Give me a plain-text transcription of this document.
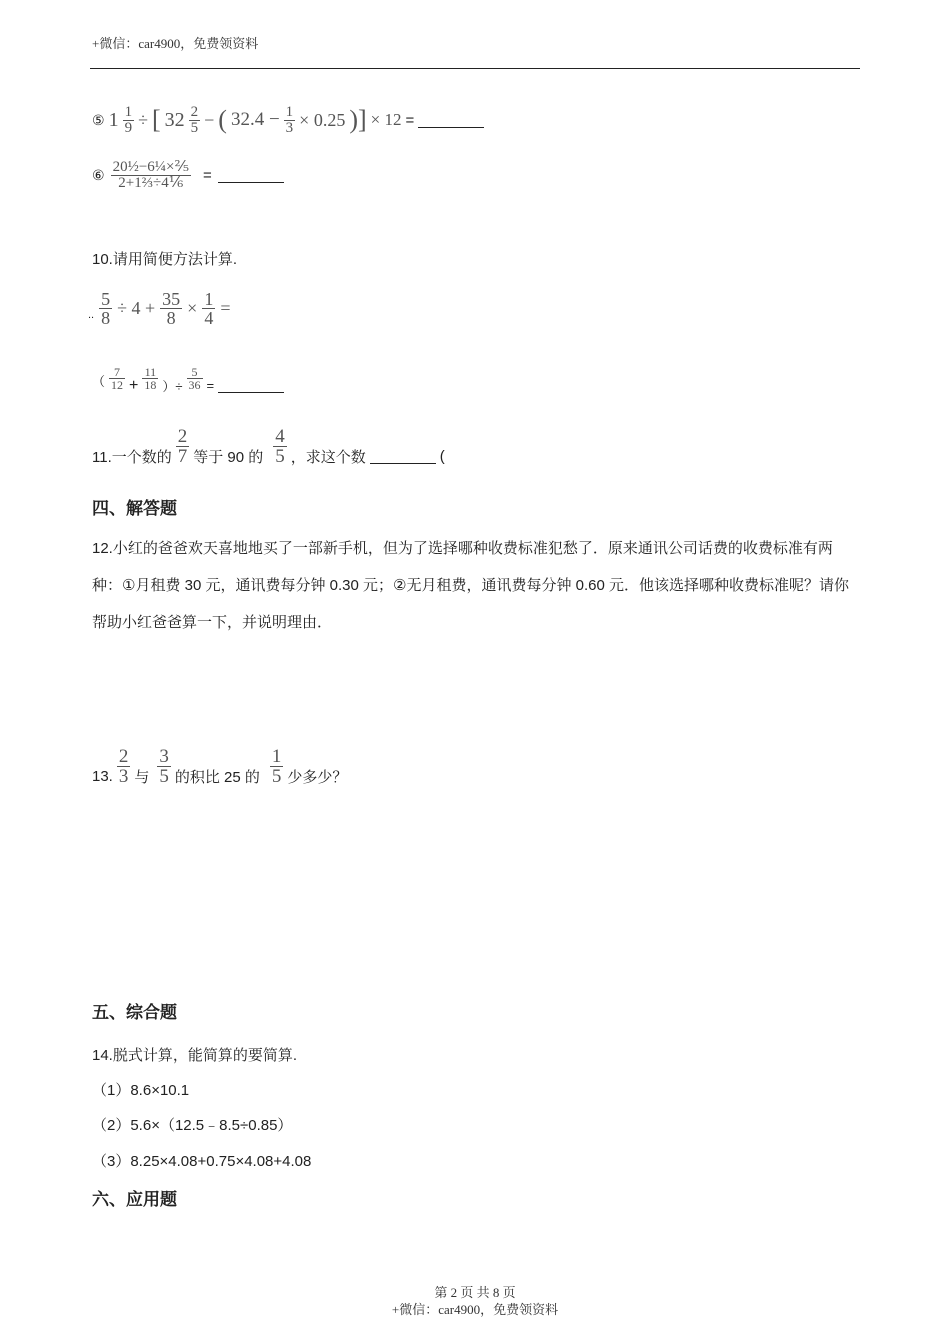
+微信：car4900，免费领资料
⑤ $1 \frac{1}{9}$ ÷ [ $32 \frac{2}{5}$ − ( $32.4 - \frac{1}{3} \times 0.25$ )] × 12 =
⑥ $\frac{\text{20½−6¼×⅖}}{\text{2+1⅔÷4⅙}}$ =
10.请用简便方法计算.
.. $\frac{5}{8} \div 4 + \frac{35}{8} \times \frac{1}{4}$ =
（ $\frac{7}{12} + \frac{11}{18}$ ）÷ $\frac{5}{36}$ =
11.一个数的 $\frac{2}{7}$ 等于 90 的 $\frac{4}{5}$ ，求这个数	(
四、解答题
12.小红的爸爸欢天喜地地买了一部新手机，但为了选择哪种收费标准犯愁了．原来通讯公司话费的收费标准有两种：①月租费 30 元，通讯费每分钟 0.30 元；②无月租费，通讯费每分钟 0.60 元．他该选择哪种收费标准呢？请你帮助小红爸爸算一下，并说明理由．
13. $\frac{2}{3}$ 与 $\frac{3}{5}$ 的积比 25 的 $\frac{1}{5}$ 少多少？
五、综合题
14.脱式计算，能简算的要简算.
（1）8.6×10.1
（2）5.6×（12.5﹣8.5÷0.85）
（3）8.25×4.08+0.75×4.08+4.08
六、应用题
第 2 页 共 8 页
+微信：car4900，免费领资料
